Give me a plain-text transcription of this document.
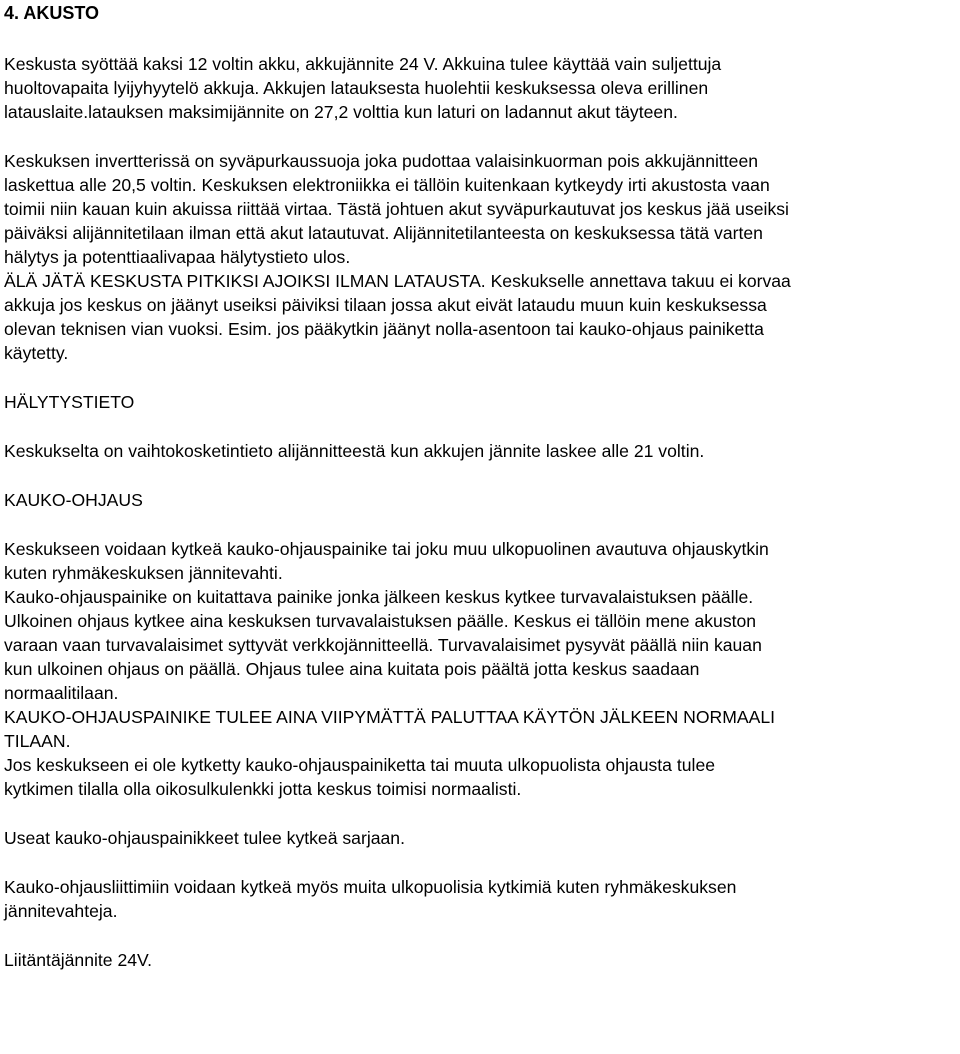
4. AKUSTO
Keskusta syöttää kaksi 12 voltin akku, akkujännite 24 V. Akkuina tulee käyttää vain suljettuja
huoltovapaita lyijyhyytelö akkuja. Akkujen latauksesta huolehtii keskuksessa oleva erillinen
latauslaite.latauksen maksimijännite on 27,2 volttia kun laturi on ladannut akut täyteen.
Keskuksen invertterissä on syväpurkaussuoja joka pudottaa valaisinkuorman pois akkujännitteen
laskettua alle 20,5 voltin. Keskuksen elektroniikka ei tällöin kuitenkaan kytkeydy irti akustosta vaan
toimii niin kauan kuin akuissa riittää virtaa. Tästä johtuen akut syväpurkautuvat jos keskus jää useiksi
päiväksi alijännitetilaan ilman että akut latautuvat. Alijännitetilanteesta on keskuksessa tätä varten
hälytys ja potenttiaalivapaa hälytystieto ulos.
ÄLÄ JÄTÄ KESKUSTA PITKIKSI AJOIKSI ILMAN LATAUSTA. Keskukselle annettava takuu ei korvaa
akkuja jos keskus on jäänyt useiksi päiviksi tilaan jossa akut eivät lataudu muun kuin keskuksessa
olevan teknisen vian vuoksi. Esim. jos pääkytkin jäänyt nolla-asentoon tai kauko-ohjaus painiketta
käytetty.
HÄLYTYSTIETO
Keskukselta on vaihtokosketintieto alijännitteestä kun akkujen jännite laskee alle 21 voltin.
KAUKO-OHJAUS
Keskukseen voidaan kytkeä kauko-ohjauspainike tai joku muu ulkopuolinen avautuva ohjauskytkin
kuten ryhmäkeskuksen jännitevahti.
Kauko-ohjauspainike on kuitattava painike jonka jälkeen keskus kytkee turvavalaistuksen päälle.
Ulkoinen ohjaus kytkee aina keskuksen turvavalaistuksen päälle. Keskus ei tällöin mene akuston
varaan vaan turvavalaisimet syttyvät verkkojännitteellä. Turvavalaisimet pysyvät päällä niin kauan
kun ulkoinen ohjaus on päällä. Ohjaus tulee aina kuitata pois päältä jotta keskus saadaan
normaalitilaan.
KAUKO-OHJAUSPAINIKE TULEE AINA VIIPYMÄTTÄ PALUTTAA KÄYTÖN JÄLKEEN NORMAALI
TILAAN.
Jos keskukseen ei ole kytketty kauko-ohjauspainiketta tai muuta ulkopuolista ohjausta tulee
kytkimen tilalla olla oikosulkulenkki jotta keskus toimisi normaalisti.
Useat kauko-ohjauspainikkeet tulee kytkeä sarjaan.
Kauko-ohjausliittimiin voidaan kytkeä myös muita ulkopuolisia kytkimiä kuten ryhmäkeskuksen
jännitevahteja.
Liitäntäjännite 24V.
